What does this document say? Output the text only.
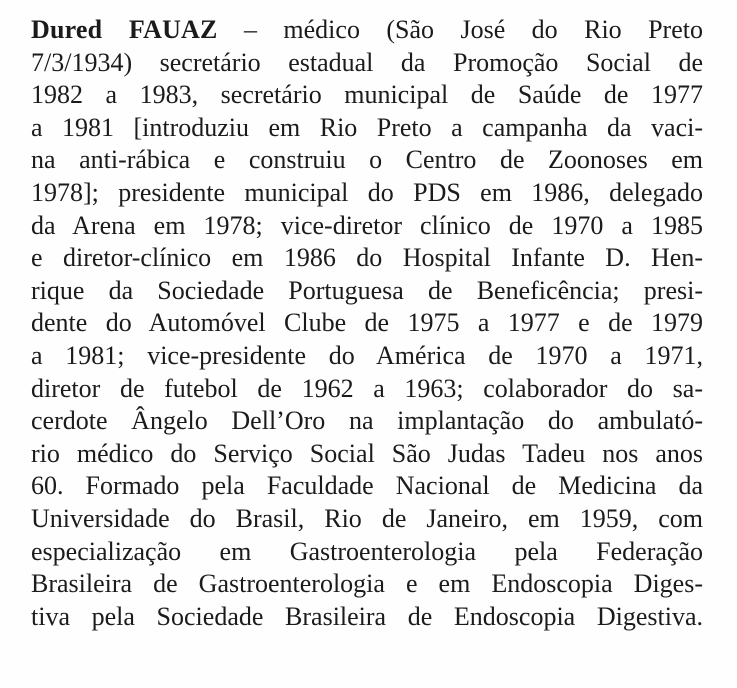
Dured FAUAZ – médico (São José do Rio Preto
7/3/1934) secretário estadual da Promoção Social de
1982 a 1983, secretário municipal de Saúde de 1977
a 1981 [introduziu em Rio Preto a campanha da vaci-
na anti-rábica e construiu o Centro de Zoonoses em
1978]; presidente municipal do PDS em 1986, delegado
da Arena em 1978; vice-diretor clínico de 1970 a 1985
e diretor-clínico em 1986 do Hospital Infante D. Hen-
rique da Sociedade Portuguesa de Beneficência; presi-
dente do Automóvel Clube de 1975 a 1977 e de 1979
a 1981; vice-presidente do América de 1970 a 1971,
diretor de futebol de 1962 a 1963; colaborador do sa-
cerdote Ângelo Dell’Oro na implantação do ambulató-
rio médico do Serviço Social São Judas Tadeu nos anos
60. Formado pela Faculdade Nacional de Medicina da
Universidade do Brasil, Rio de Janeiro, em 1959, com
especialização em Gastroenterologia pela Federação
Brasileira de Gastroenterologia e em Endoscopia Diges-
tiva pela Sociedade Brasileira de Endoscopia Digestiva.
